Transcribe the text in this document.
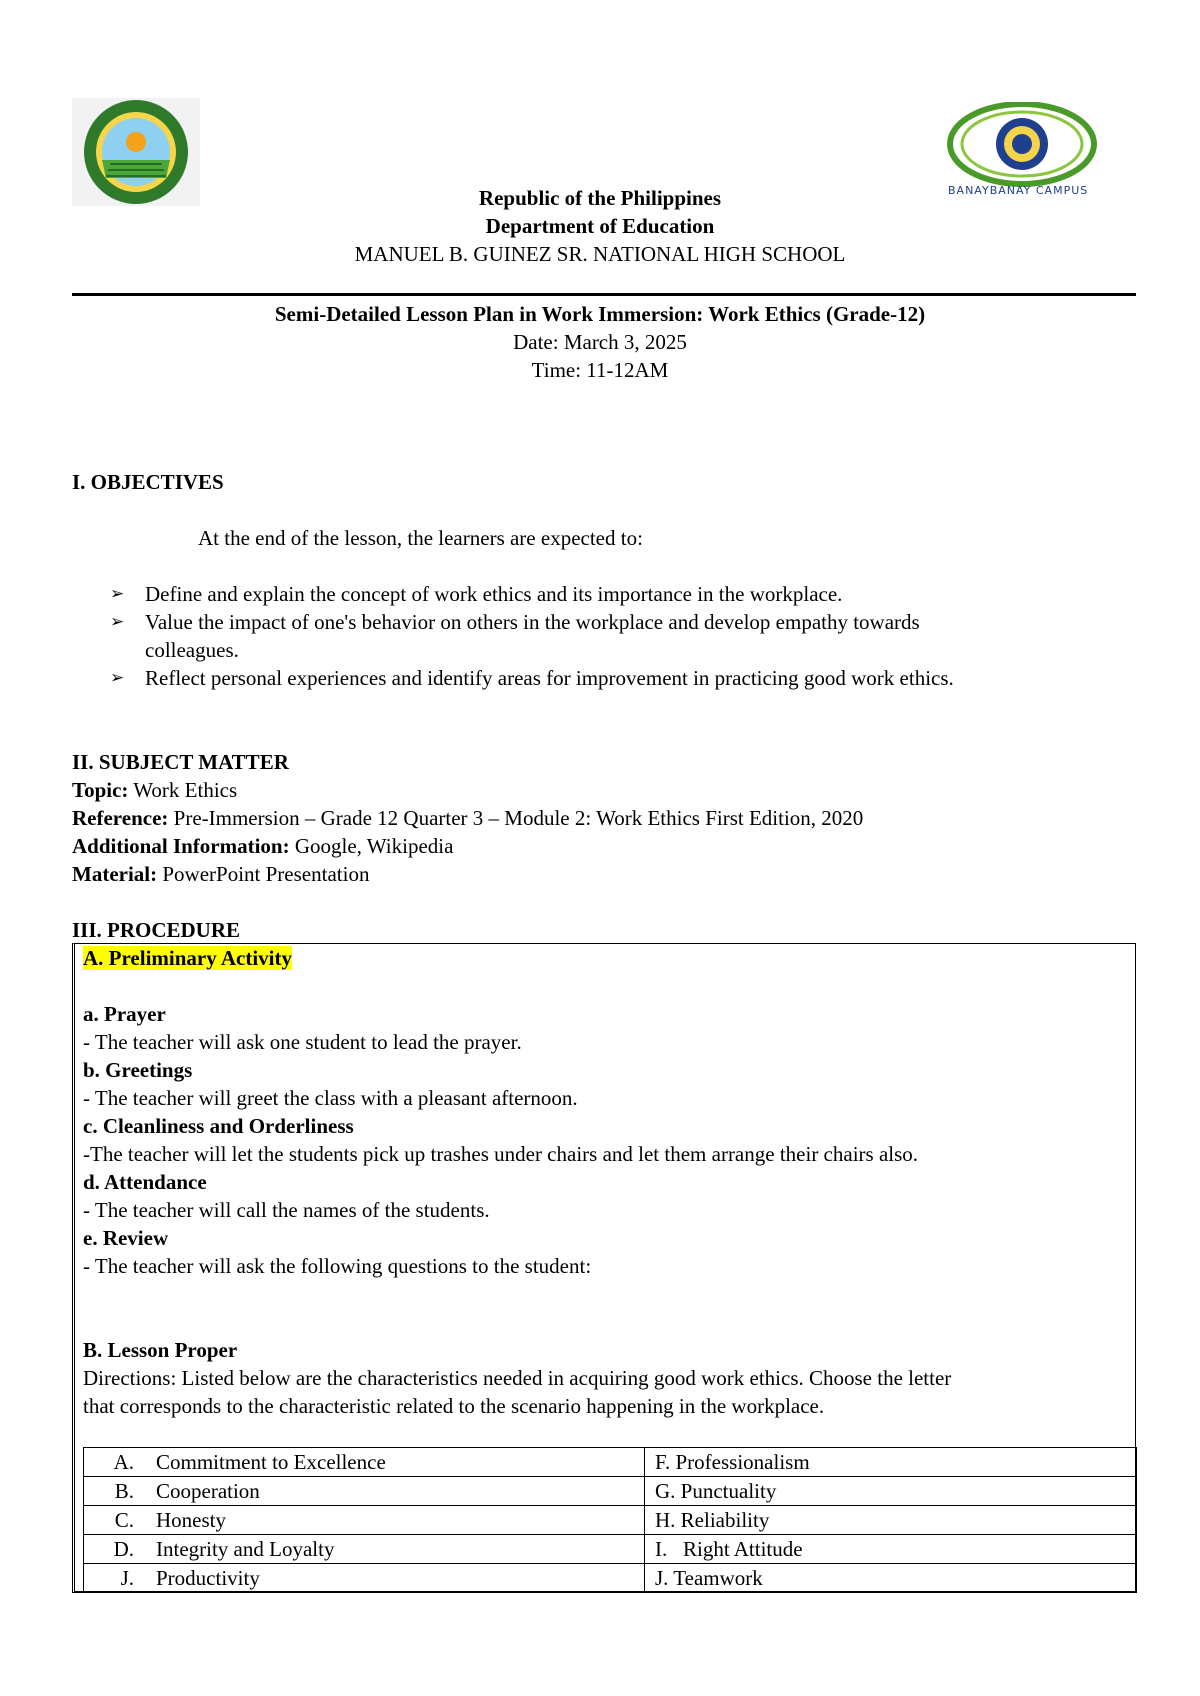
BANAYBANAY CAMPUS
Republic of the Philippines
Department of Education
MANUEL B. GUINEZ SR. NATIONAL HIGH SCHOOL
Semi-Detailed Lesson Plan in Work Immersion: Work Ethics (Grade-12)
Date: March 3, 2025
Time: 11-12AM
I. OBJECTIVES
At the end of the lesson, the learners are expected to:
➢ Define and explain the concept of work ethics and its importance in the workplace.
➢ Value the impact of one's behavior on others in the workplace and develop empathy towards
colleagues.
➢ Reflect personal experiences and identify areas for improvement in practicing good work ethics.
II. SUBJECT MATTER
Topic: Work Ethics
Reference: Pre-Immersion – Grade 12 Quarter 3 – Module 2: Work Ethics First Edition, 2020
Additional Information: Google, Wikipedia
Material: PowerPoint Presentation
III. PROCEDURE
A. Preliminary Activity
a. Prayer
- The teacher will ask one student to lead the prayer.
b. Greetings
- The teacher will greet the class with a pleasant afternoon.
c. Cleanliness and Orderliness
-The teacher will let the students pick up trashes under chairs and let them arrange their chairs also.
d. Attendance
- The teacher will call the names of the students.
e. Review
- The teacher will ask the following questions to the student:
B. Lesson Proper
Directions: Listed below are the characteristics needed in acquiring good work ethics. Choose the letter
that corresponds to the characteristic related to the scenario happening in the workplace.
A. Commitment to Excellence	F. Professionalism
B. Cooperation	G. Punctuality
C. Honesty	H. Reliability
D. Integrity and Loyalty	I.   Right Attitude
J. Productivity	J. Teamwork
